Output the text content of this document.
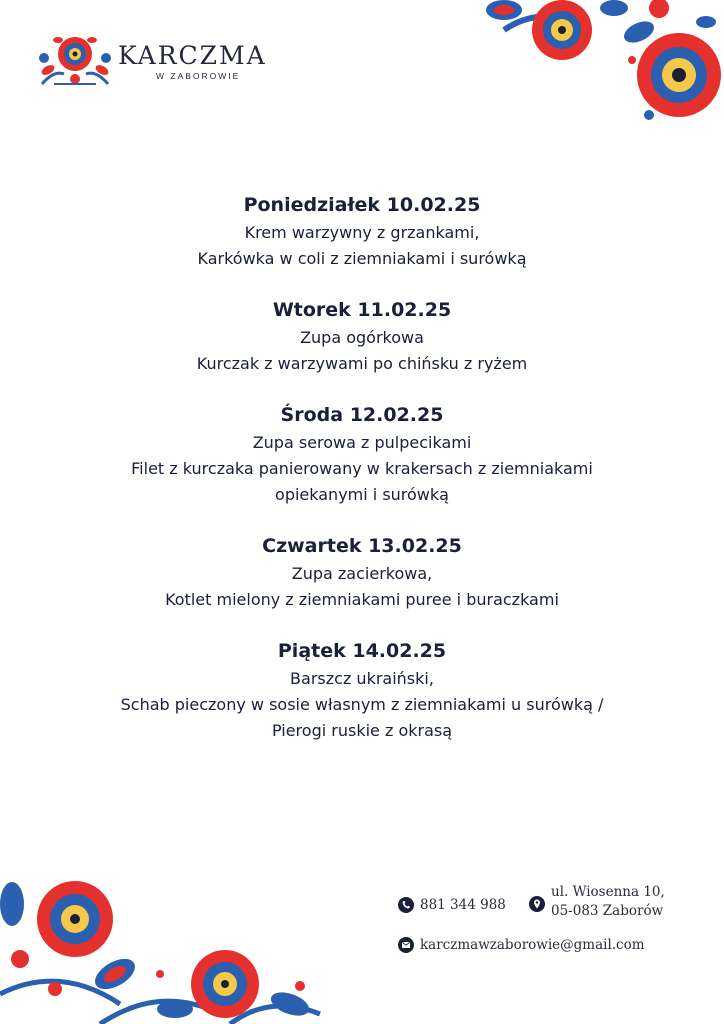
KARCZMA
W ZABOROWIE
Poniedziałek 10.02.25
Krem warzywny z grzankami,
Karkówka w coli z ziemniakami i surówką
Wtorek 11.02.25
Zupa ogórkowa
Kurczak z warzywami po chińsku z ryżem
Środa 12.02.25
Zupa serowa z pulpecikami
Filet z kurczaka panierowany w krakersach z ziemniakami
opiekanymi i surówką
Czwartek 13.02.25
Zupa zacierkowa,
Kotlet mielony z ziemniakami puree i buraczkami
Piątek 14.02.25
Barszcz ukraiński,
Schab pieczony w sosie własnym z ziemniakami u surówką /
Pierogi ruskie z okrasą
881 344 988
ul. Wiosenna 10,
05-083 Zaborów
karczmawzaborowie@gmail.com
